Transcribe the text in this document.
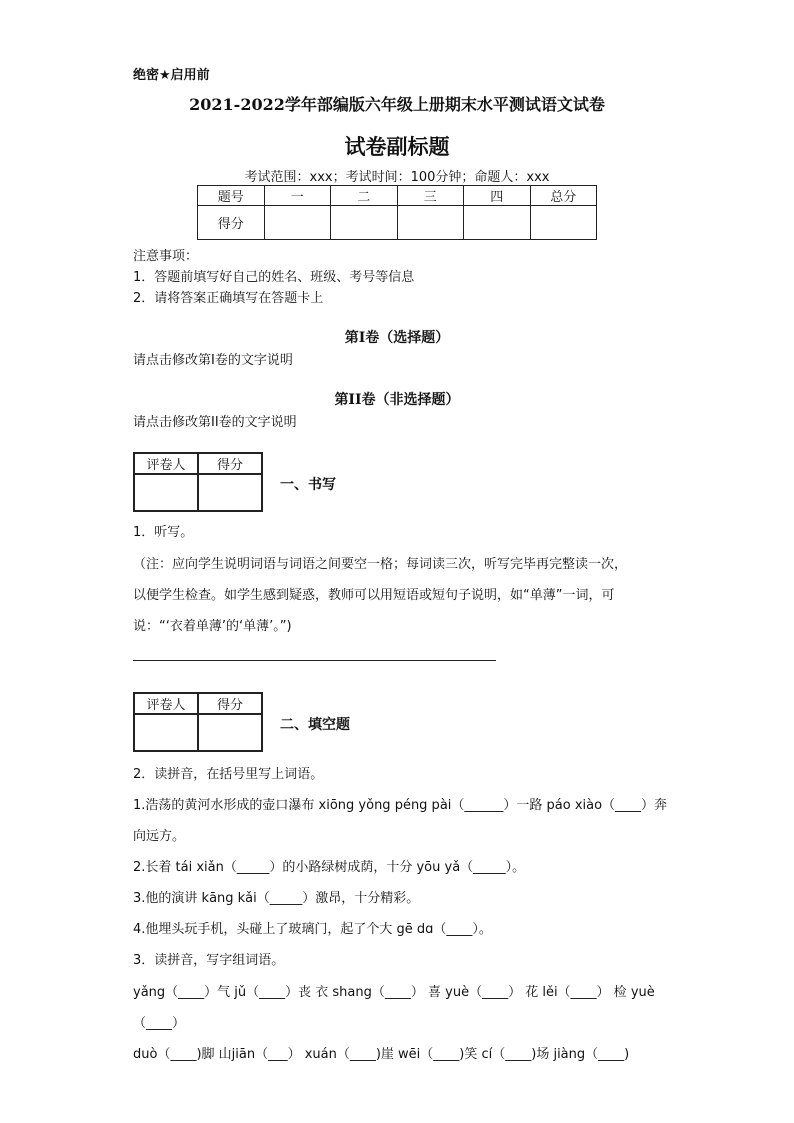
绝密★启用前
2021-2022学年部编版六年级上册期末水平测试语文试卷
试卷副标题
考试范围：xxx；考试时间：100分钟；命题人：xxx
题号	一	二	三	四	总分
得分					
注意事项：
1．答题前填写好自己的姓名、班级、考号等信息
2．请将答案正确填写在答题卡上
第I卷（选择题）
请点击修改第I卷的文字说明
第II卷（非选择题）
请点击修改第II卷的文字说明
评卷人	得分

一、书写
1．听写。
（注：应向学生说明词语与词语之间要空一格；每词读三次，听写完毕再完整读一次，
以便学生检查。如学生感到疑惑，教师可以用短语或短句子说明，如“单薄”一词，可
说：“‘衣着单薄’的‘单薄’。”)
评卷人	得分

二、填空题
2．读拼音，在括号里写上词语。
1.浩荡的黄河水形成的壶口瀑布 xiōng yǒng péng pài（______）一路 páo xiào（____）奔
向远方。
2.长着 tái xiǎn（_____）的小路绿树成荫，十分 yōu yǎ（_____）。
3.他的演讲 kāng kǎi（_____）激昂，十分精彩。
4.他埋头玩手机，头碰上了玻璃门，起了个大 gē dɑ（____）。
3．读拼音，写字组词语。
yǎng（____）气 jǔ（____）丧 衣 shang（____） 喜 yuè（____） 花 lěi（____） 检 yuè
（____）
duò（____)脚 山jiān（___） xuán（____)崖 wēi（____)笑 cí（____)场 jiàng（____)
